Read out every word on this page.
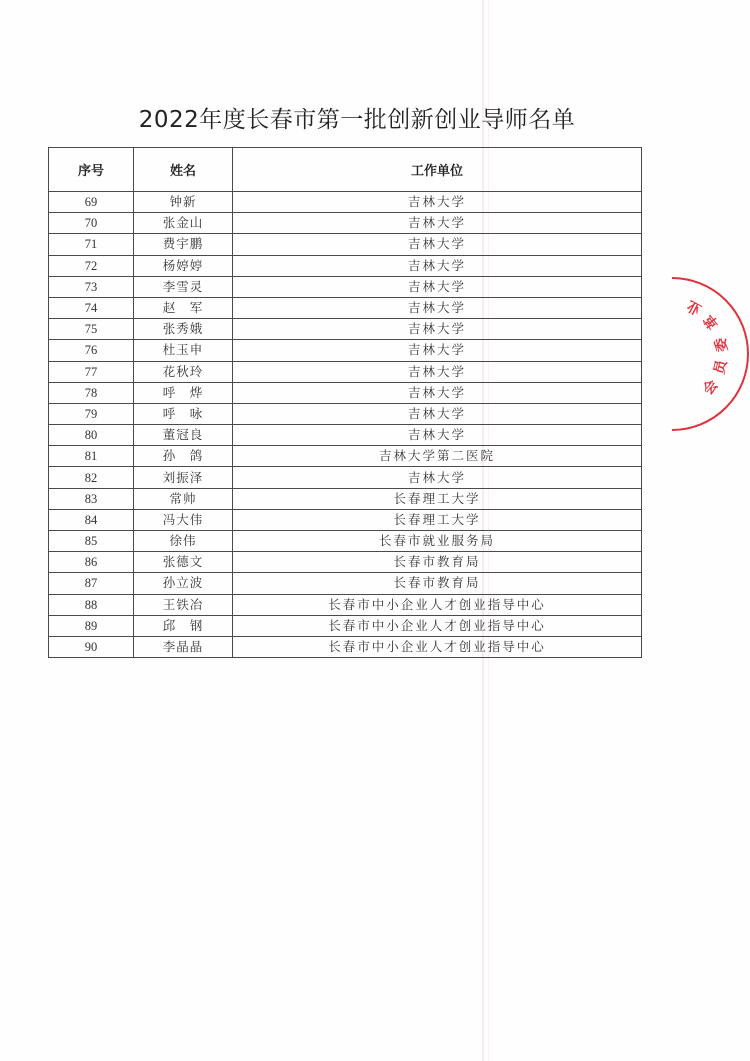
2022年度长春市第一批创新创业导师名单
序号	姓名	工作单位
69	钟新	吉林大学
70	张金山	吉林大学
71	费宇鹏	吉林大学
72	杨婷婷	吉林大学
73	李雪灵	吉林大学
74	赵　军	吉林大学
75	张秀娥	吉林大学
76	杜玉申	吉林大学
77	花秋玲	吉林大学
78	呼　烨	吉林大学
79	呼　咏	吉林大学
80	董冠良	吉林大学
81	孙　鸽	吉林大学第二医院
82	刘振泽	吉林大学
83	常帅	长春理工大学
84	冯大伟	长春理工大学
85	徐伟	长春市就业服务局
86	张德文	长春市教育局
87	孙立波	长春市教育局
88	王铁冶	长春市中小企业人才创业指导中心
89	邱　钢	长春市中小企业人才创业指导中心
90	李晶晶	长春市中小企业人才创业指导中心
业
革
委
员
会
